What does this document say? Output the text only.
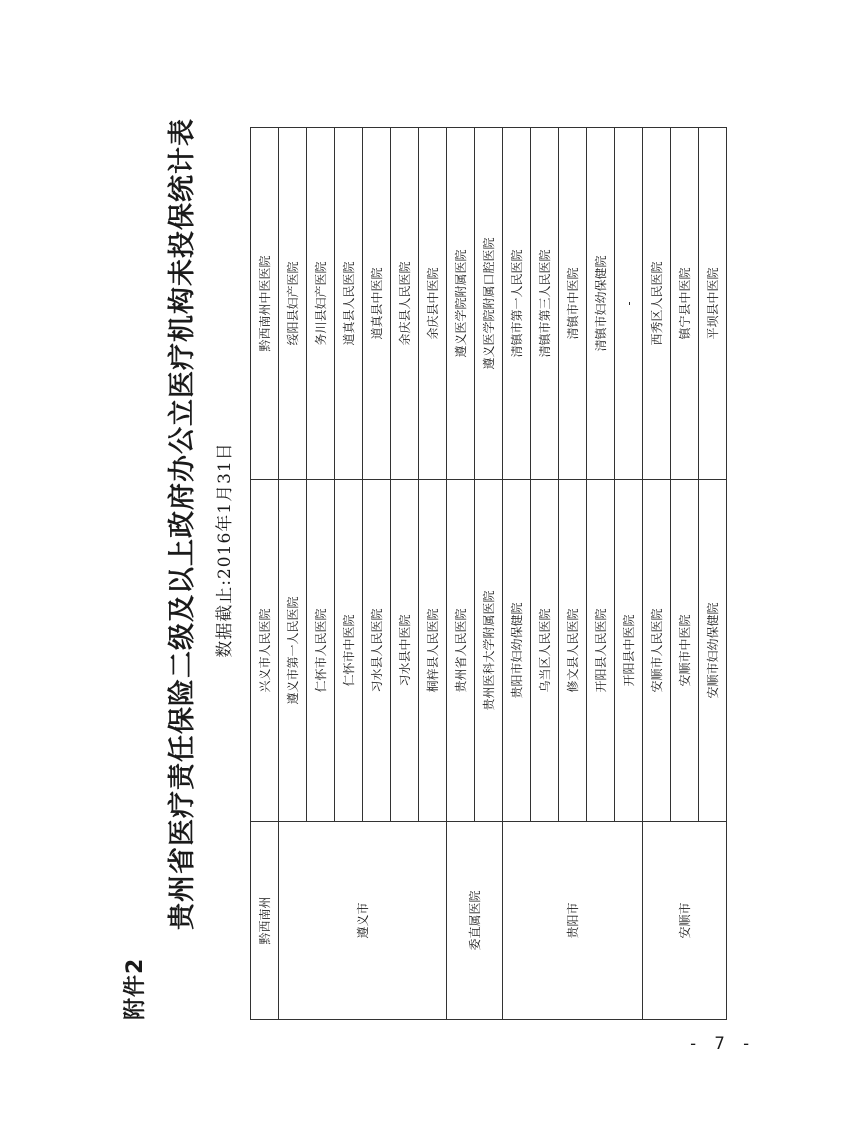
附件2
贵州省医疗责任保险二级及以上政府办公立医疗机构未投保统计表 数据截止:2016年1月31日
黔西南州	兴义市人民医院	黔西南州中医医院
遵义市	遵义市第一人民医院	绥阳县妇产医院
	仁怀市人民医院	务川县妇产医院
	仁怀市中医院	道真县人民医院
	习水县人民医院	道真县中医院
	习水县中医院	余庆县人民医院
	桐梓县人民医院	余庆县中医院
委直属医院	贵州省人民医院	遵义医学院附属医院
	贵州医科大学附属医院	遵义医学院附属口腔医院
贵阳市	贵阳市妇幼保健院	清镇市第一人民医院
	乌当区人民医院	清镇市第三人民医院
	修文县人民医院	清镇市中医院
	开阳县人民医院	清镇市妇幼保健院
	开阳县中医院	-
安顺市	安顺市人民医院	西秀区人民医院
	安顺市中医院	镇宁县中医院
	安顺市妇幼保健院	平坝县中医院
- 7 -
